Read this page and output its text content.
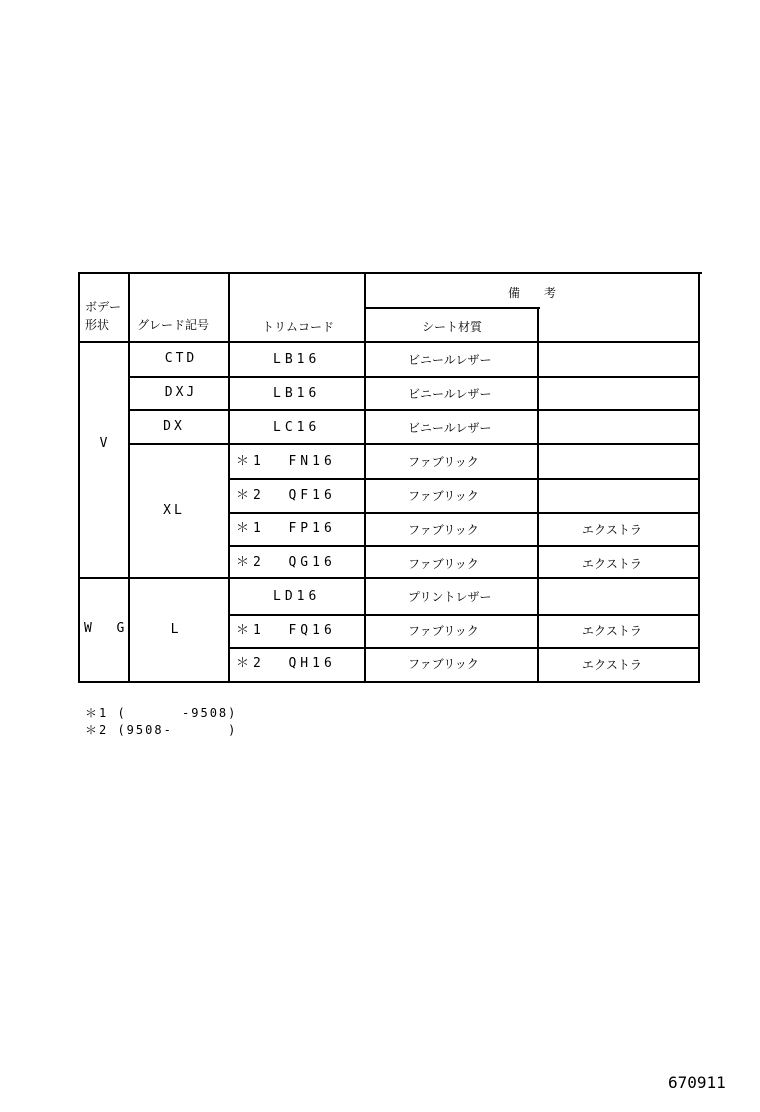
ボデー
形状 グレード記号	トリムコード
備　　考
シート材質
V
W  G
CTD
DXJ
DX
XL
L
LB16
LB16
LC16
＊1  FN16
＊2  QF16
＊1  FP16
＊2  QG16
LD16
＊1  FQ16
＊2  QH16
ビニールレザー
ビニールレザー
ビニールレザー
ファブリック
ファブリック
ファブリック
ファブリック
プリントレザー
ファブリック
ファブリック
エクストラ
エクストラ
エクストラ
エクストラ
＊1 (      -9508)
＊2 (9508-      )
670911
